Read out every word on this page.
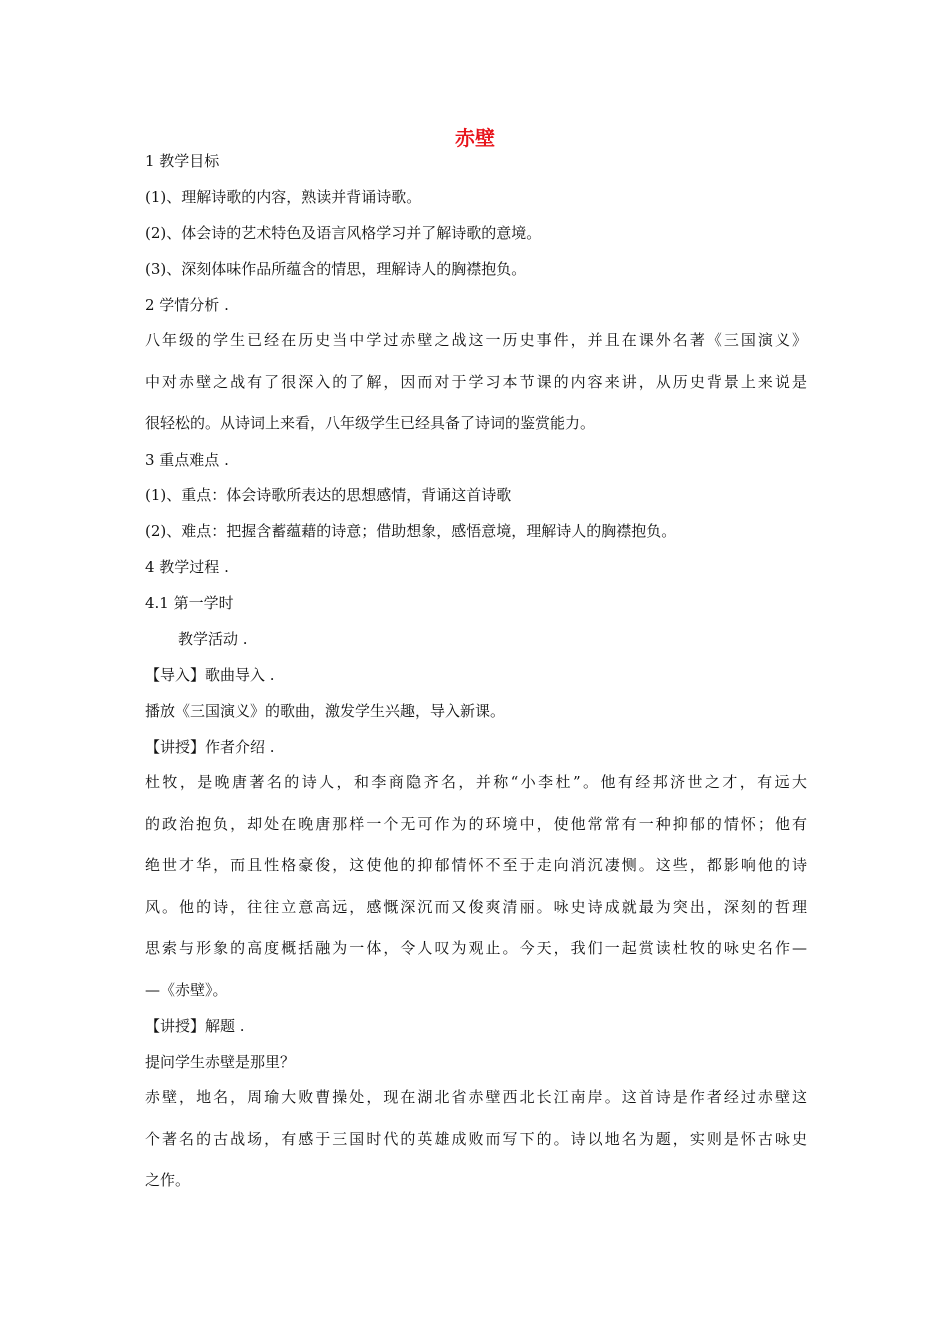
赤壁
1 教学目标
(1)、理解诗歌的内容，熟读并背诵诗歌。
(2)、体会诗的艺术特色及语言风格学习并了解诗歌的意境。
(3)、深刻体味作品所蕴含的情思，理解诗人的胸襟抱负。
2 学情分析 .
八年级的学生已经在历史当中学过赤壁之战这一历史事件，并且在课外名著《三国演义》
中对赤壁之战有了很深入的了解，因而对于学习本节课的内容来讲，从历史背景上来说是
很轻松的。从诗词上来看，八年级学生已经具备了诗词的鉴赏能力。
3 重点难点 .
(1)、重点：体会诗歌所表达的思想感情，背诵这首诗歌
(2)、难点：把握含蓄蕴藉的诗意；借助想象，感悟意境，理解诗人的胸襟抱负。
4 教学过程 .
4.1 第一学时
教学活动 .
【导入】歌曲导入 .
播放《三国演义》的歌曲，激发学生兴趣，导入新课。
【讲授】作者介绍 .
杜牧，是晚唐著名的诗人，和李商隐齐名，并称“小李杜”。他有经邦济世之才，有远大
的政治抱负，却处在晚唐那样一个无可作为的环境中，使他常常有一种抑郁的情怀；他有
绝世才华，而且性格豪俊，这使他的抑郁情怀不至于走向消沉凄恻。这些，都影响他的诗
风。他的诗，往往立意高远，感慨深沉而又俊爽清丽。咏史诗成就最为突出，深刻的哲理
思索与形象的高度概括融为一体，令人叹为观止。今天，我们一起赏读杜牧的咏史名作—
—《赤壁》。
【讲授】解题 .
提问学生赤壁是那里？
赤壁，地名，周瑜大败曹操处，现在湖北省赤壁西北长江南岸。这首诗是作者经过赤壁这
个著名的古战场，有感于三国时代的英雄成败而写下的。诗以地名为题，实则是怀古咏史
之作。
